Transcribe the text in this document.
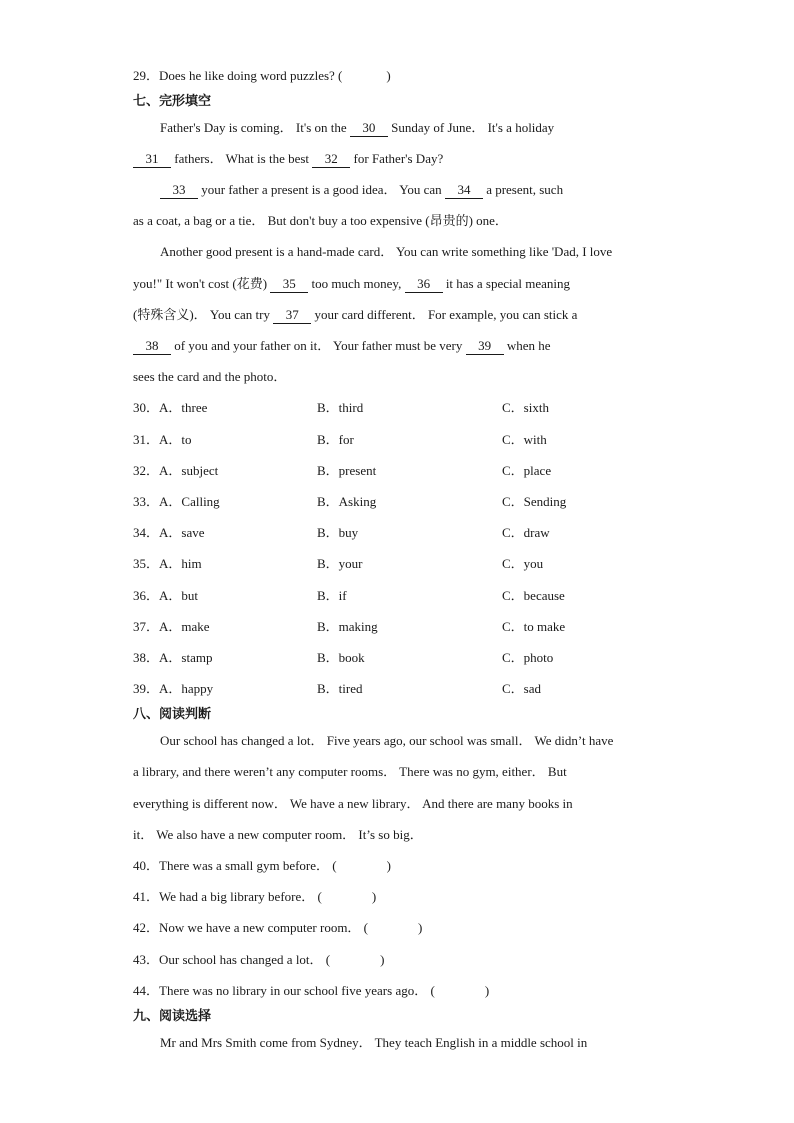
29．Does he like doing word puzzles? (	)
七、完形填空
Father's Day is coming． It's on the 30 Sunday of June． It's a holiday
31 fathers． What is the best 32 for Father's Day?
33 your father a present is a good idea． You can 34 a present, such
as a coat, a bag or a tie． But don't buy a too expensive (昂贵的) one．
Another good present is a hand-made card． You can write something like 'Dad, I love
you!" It won't cost (花费) 35 too much money, 36 it has a special meaning
(特殊含义)． You can try 37 your card different． For example, you can stick a
38 of you and your father on it． Your father must be very 39 when he
sees the card and the photo．
30．A．three	B．third	C．sixth
31．A．to	B．for	C．with
32．A．subject	B．present	C．place
33．A．Calling	B．Asking	C．Sending
34．A．save	B．buy	C．draw
35．A．him	B．your	C．you
36．A．but	B．if	C．because
37．A．make	B．making	C．to make
38．A．stamp	B．book	C．photo
39．A．happy	B．tired	C．sad
八、阅读判断
Our school has changed a lot． Five years ago, our school was small． We didn’t have
a library, and there weren’t any computer rooms． There was no gym, either． But
everything is different now． We have a new library． And there are many books in
it． We also have a new computer room． It’s so big．
40．There was a small gym before． (	)
41．We had a big library before． (	)
42．Now we have a new computer room． (	)
43．Our school has changed a lot． (	)
44．There was no library in our school five years ago． (	)
九、阅读选择
Mr and Mrs Smith come from Sydney． They teach English in a middle school in
